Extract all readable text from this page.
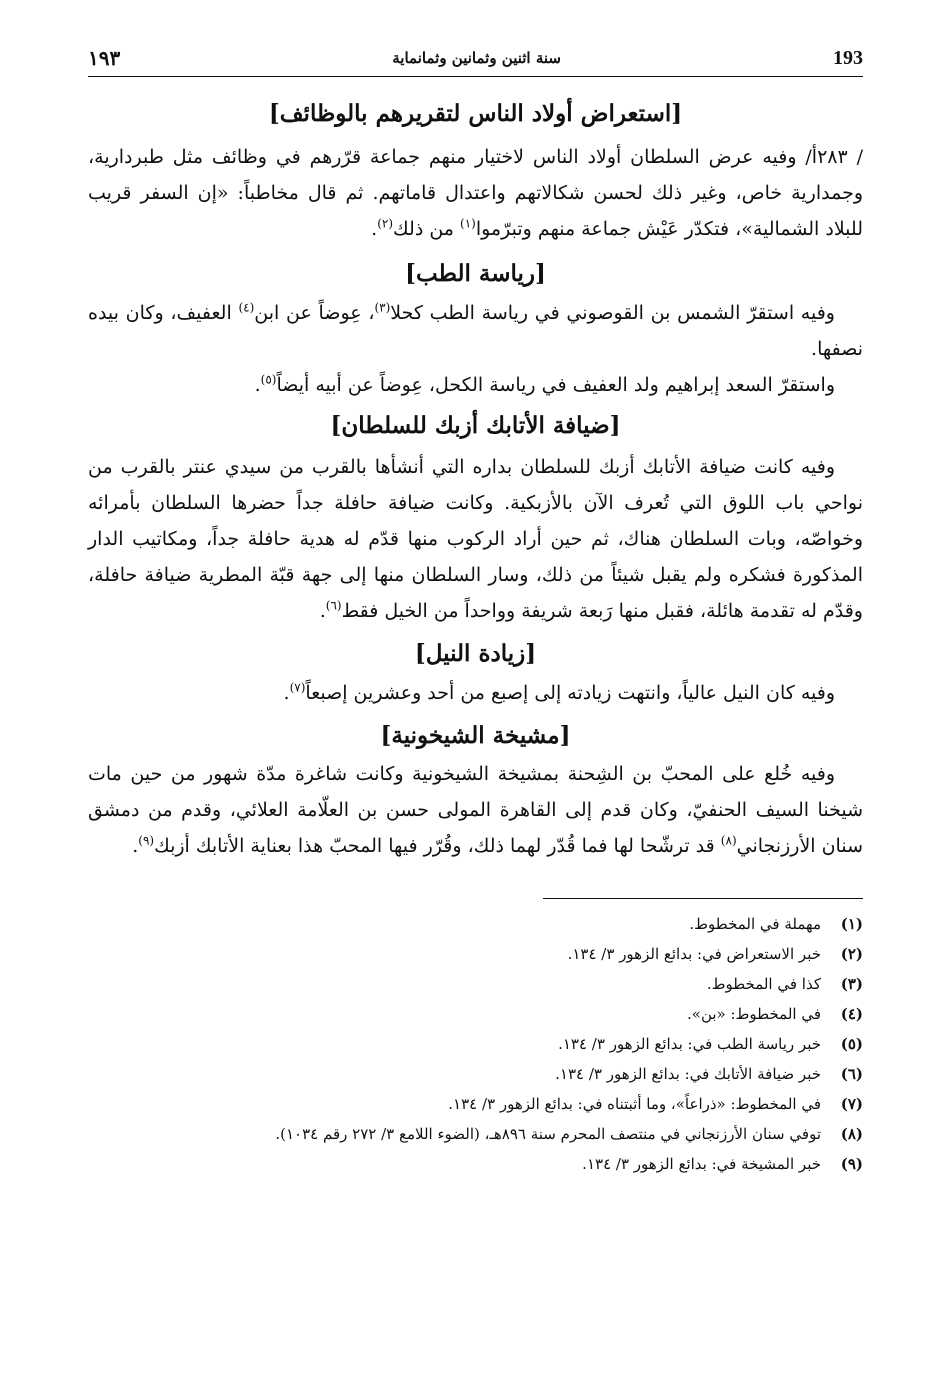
193
سنة اثنين وثمانين وثمانماية
١٩٣
[استعراض أولاد الناس لتقريرهم بالوظائف]

/ ٢٨٣أ/ وفيه عرض السلطان أولاد الناس لاختيار منهم جماعة قرّرهم في وظائف مثل طبردارية، وجمدارية خاص، وغير ذلك لحسن شكالاتهم واعتدال قاماتهم. ثم قال مخاطباً: «إن السفر قريب للبلاد الشمالية»، فتكدّر عَيْش جماعة منهم وتبرّموا$^{(١)}$ من ذلك$^{(٢)}$.

[رياسة الطب]

وفيه استقرّ الشمس بن القوصوني في رياسة الطب كحلا$^{(٣)}$، عِوضاً عن ابن$^{(٤)}$ العفيف، وكان بيده نصفها.

واستقرّ السعد إبراهيم ولد العفيف في رياسة الكحل، عِوضاً عن أبيه أيضاً$^{(٥)}$.

[ضيافة الأتابك أزبك للسلطان]

وفيه كانت ضيافة الأتابك أزبك للسلطان بداره التي أنشأها بالقرب من سيدي عنتر بالقرب من نواحي باب اللوق التي تُعرف الآن بالأزبكية. وكانت ضيافة حافلة جداً حضرها السلطان بأمرائه وخواصّه، وبات السلطان هناك، ثم حين أراد الركوب منها قدّم له هدية حافلة جداً، ومكاتيب الدار المذكورة فشكره ولم يقبل شيئاً من ذلك، وسار السلطان منها إلى جهة قبّة المطرية ضيافة حافلة، وقدّم له تقدمة هائلة، فقبل منها رَبعة شريفة وواحداً من الخيل فقط$^{(٦)}$.

[زيادة النيل]

وفيه كان النيل عالياً، وانتهت زيادته إلى إصبع من أحد وعشرين إصبعاً$^{(٧)}$.

[مشيخة الشيخونية]

وفيه خُلع على المحبّ بن الشِحنة بمشيخة الشيخونية وكانت شاغرة مدّة شهور من حين مات شيخنا السيف الحنفيّ، وكان قدم إلى القاهرة المولى حسن بن العلّامة العلائي، وقدم من دمشق سنان الأرزنجاني$^{(٨)}$ قد ترشّحا لها فما قُدّر لهما ذلك، وقُرّر فيها المحبّ هذا بعناية الأتابك أزبك$^{(٩)}$.

(١)
مهملة في المخطوط.
(٢)
خبر الاستعراض في: بدائع الزهور ٣/ ١٣٤.
(٣)
كذا في المخطوط.
(٤)
في المخطوط: «بن».
(٥)
خبر رياسة الطب في: بدائع الزهور ٣/ ١٣٤.
(٦)
خبر ضيافة الأتابك في: بدائع الزهور ٣/ ١٣٤.
(٧)
في المخطوط: «ذراعاً»، وما أثبتناه في: بدائع الزهور ٣/ ١٣٤.
(٨)
توفي سنان الأرزنجاني في منتصف المحرم سنة ٨٩٦هـ، (الضوء اللامع ٣/ ٢٧٢ رقم ١٠٣٤).
(٩)
خبر المشيخة في: بدائع الزهور ٣/ ١٣٤.
